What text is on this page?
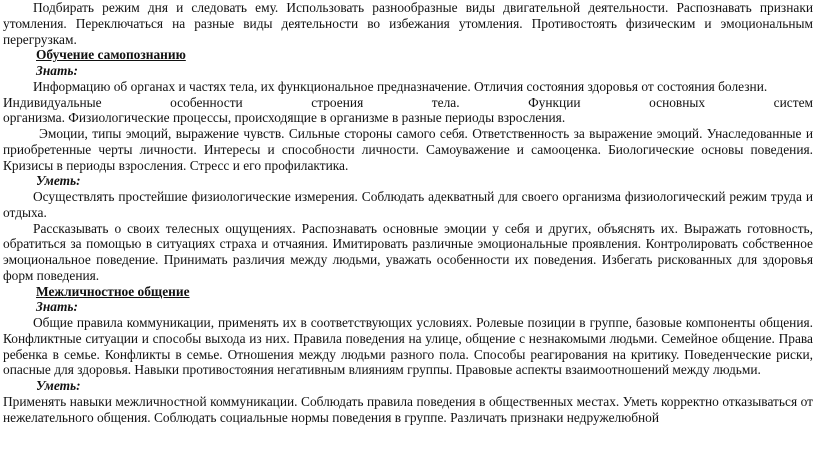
Подбирать режим дня и следовать ему. Использовать разнообразные виды двигательной деятельности. Распознавать признаки утомления. Переключаться на разные виды деятельности во избежания утомления. Противостоять физическим и эмоциональным перегрузкам.

Обучение самопознанию

Знать:

Информацию об органах и частях тела, их функциональное предназначение. Отличия состояния здоровья от состояния болезни.

Индивидуальные особенности строения тела. Функции основных систем

организма. Физиологические процессы, происходящие в организме в разные периоды взросления.

Эмоции, типы эмоций, выражение чувств. Сильные стороны самого себя. Ответственность за выражение эмоций. Унаследованные и приобретенные черты личности. Интересы и способности личности. Самоуважение и самооценка. Биологические основы поведения. Кризисы в периоды взросления. Стресс и его профилактика.

Уметь:

Осуществлять простейшие физиологические измерения. Соблюдать адекватный для своего организма физиологический режим труда и отдыха.

Рассказывать о своих телесных ощущениях. Распознавать основные эмоции у себя и других, объяснять их. Выражать готовность, обратиться за помощью в ситуациях страха и отчаяния. Имитировать различные эмоциональные проявления. Контролировать собственное эмоциональное поведение. Принимать различия между людьми, уважать особенности их поведения. Избегать рискованных для здоровья форм поведения.

Межличностное общение

Знать:

Общие правила коммуникации, применять их в соответствующих условиях. Ролевые позиции в группе, базовые компоненты общения. Конфликтные ситуации и способы выхода из них. Правила поведения на улице, общение с незнакомыми людьми. Семейное общение. Права ребенка в семье. Конфликты в семье. Отношения между людьми разного пола. Способы реагирования на критику. Поведенческие риски, опасные для здоровья. Навыки противостояния негативным влияниям группы. Правовые аспекты взаимоотношений между людьми.

Уметь:

Применять навыки межличностной коммуникации. Соблюдать правила поведения в общественных местах. Уметь корректно отказываться от нежелательного общения. Соблюдать социальные нормы поведения в группе. Различать признаки недружелюбной
